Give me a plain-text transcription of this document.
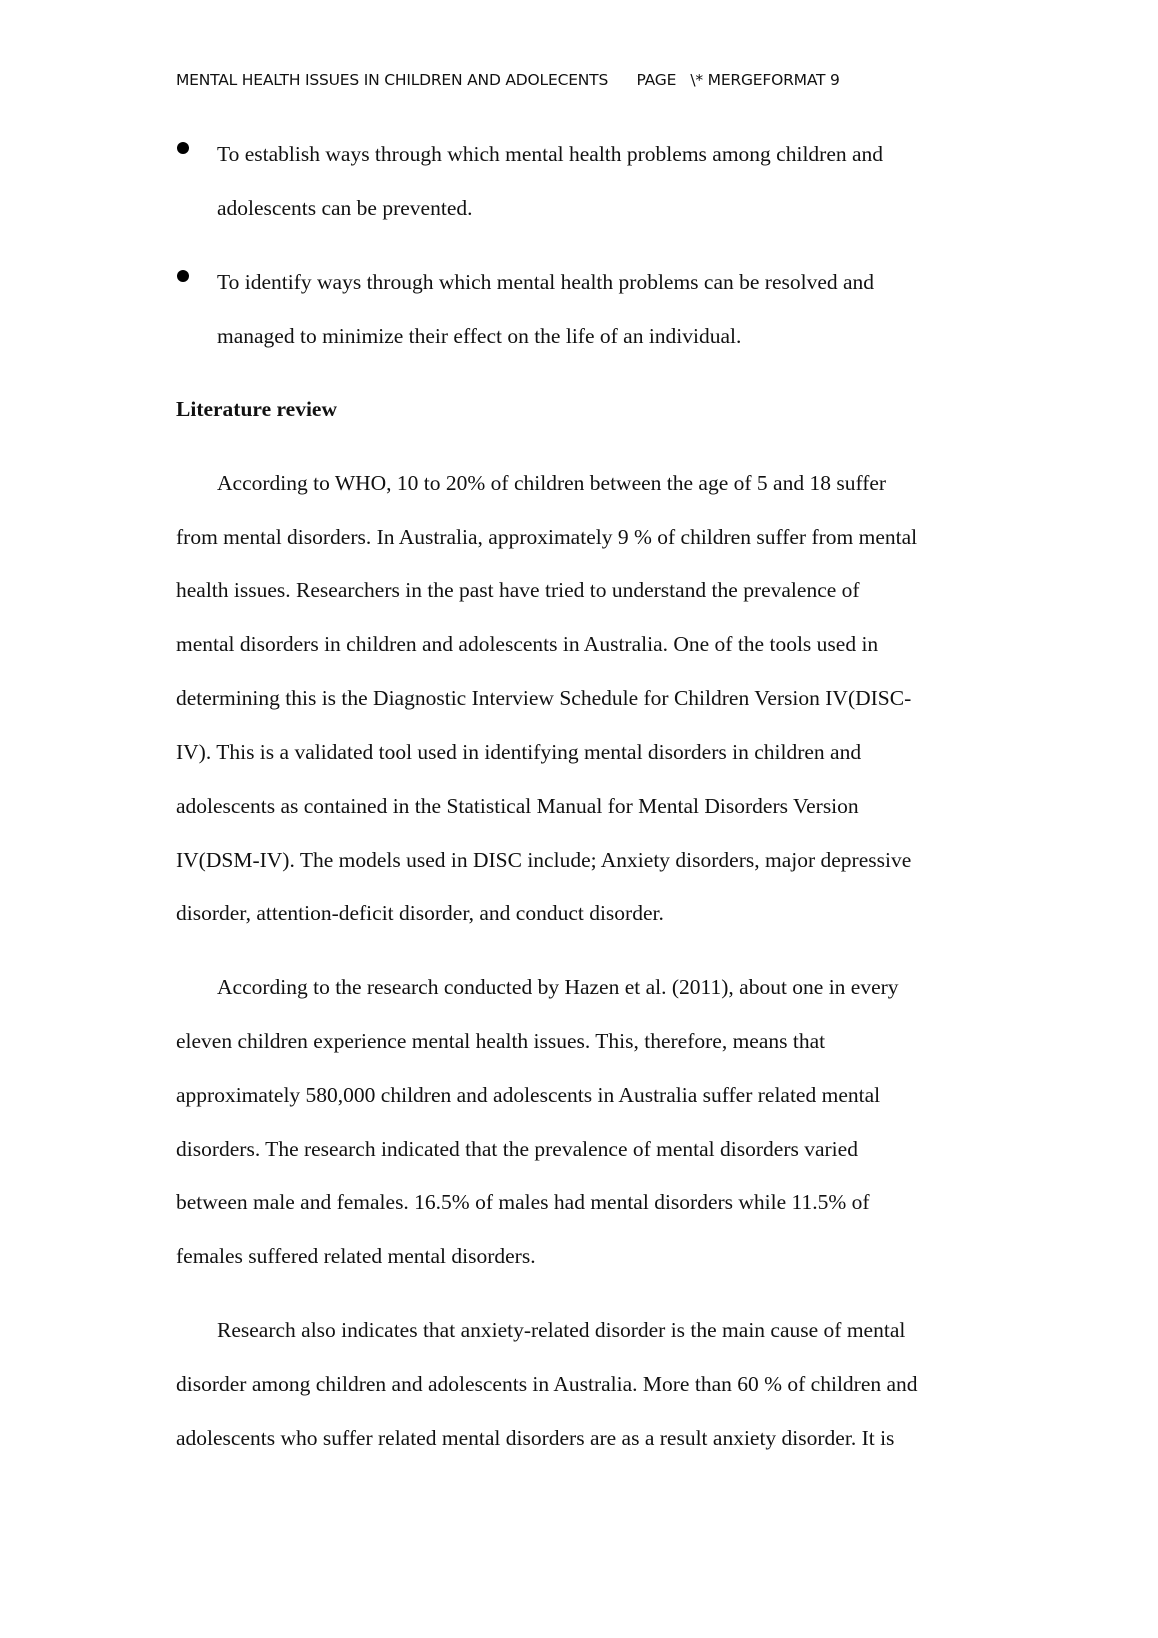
MENTAL HEALTH ISSUES IN CHILDREN AND ADOLECENTS PAGE   \* MERGEFORMAT 9
To establish ways through which mental health problems among children and
adolescents can be prevented.
To identify ways through which mental health problems can be resolved and
managed to minimize their effect on the life of an individual.
Literature review
According to WHO, 10 to 20% of children between the age of 5 and 18 suffer
from mental disorders. In Australia, approximately 9 % of children suffer from mental
health issues. Researchers in the past have tried to understand the prevalence of
mental disorders in children and adolescents in Australia. One of the tools used in
determining this is the Diagnostic Interview Schedule for Children Version IV(DISC-
IV). This is a validated tool used in identifying mental disorders in children and
adolescents as contained in the Statistical Manual for Mental Disorders Version
IV(DSM-IV). The models used in DISC include; Anxiety disorders, major depressive
disorder, attention-deficit disorder, and conduct disorder.
According to the research conducted by Hazen et al. (2011), about one in every
eleven children experience mental health issues. This, therefore, means that
approximately 580,000 children and adolescents in Australia suffer related mental
disorders. The research indicated that the prevalence of mental disorders varied
between male and females. 16.5% of males had mental disorders while 11.5% of
females suffered related mental disorders.
Research also indicates that anxiety-related disorder is the main cause of mental
disorder among children and adolescents in Australia. More than 60 % of children and
adolescents who suffer related mental disorders are as a result anxiety disorder. It is
